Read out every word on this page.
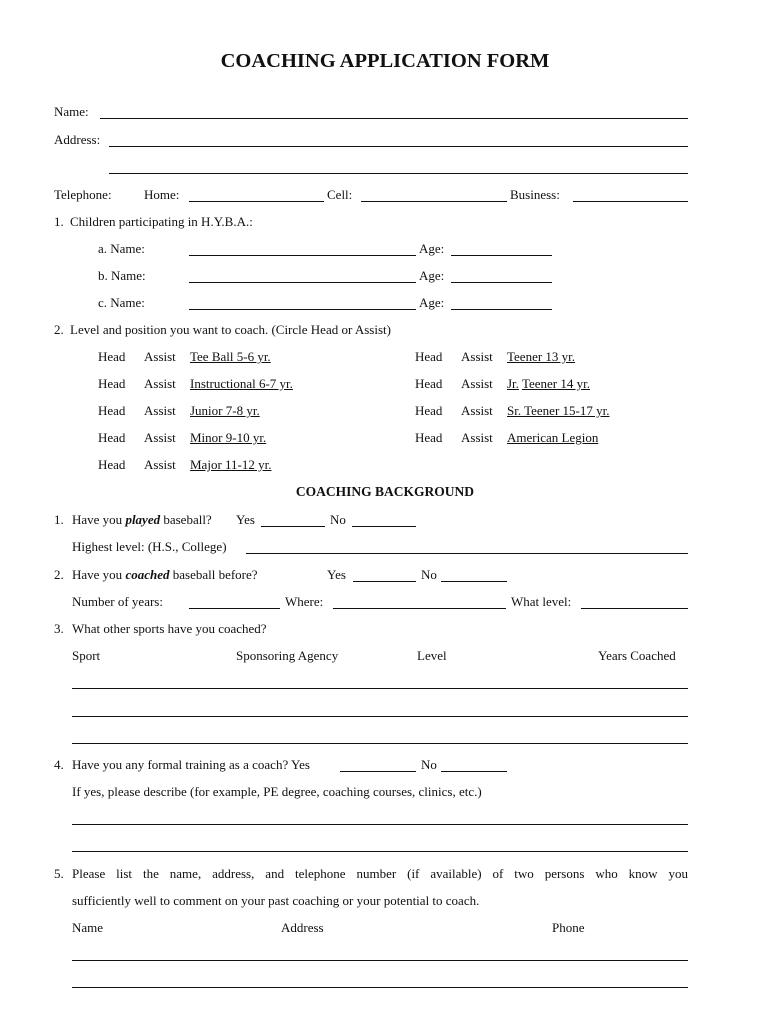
COACHING APPLICATION FORM
Name:
Address:
Telephone: Home:	Cell:	Business:
1. Children participating in H.Y.B.A.:
a. Name:	Age:
b. Name:	Age:
c. Name:	Age:
2. Level and position you want to coach. (Circle Head or Assist)
Head Assist Tee Ball 5-6 yr.
Head Assist Instructional 6-7 yr.
Head Assist Junior 7-8 yr.
Head Assist Minor 9-10 yr.
Head Assist Major 11-12 yr.
Head Assist Teener 13 yr.
Head Assist Jr. Teener 14 yr.
Head Assist Sr. Teener 15-17 yr.
Head Assist American Legion
COACHING BACKGROUND
1. Have you played baseball? Yes	No
Highest level: (H.S., College)
2. Have you coached baseball before?	Yes	No
Number of years:	Where:	What level:
3. What other sports have you coached?
Sport	Sponsoring Agency	Level	Years Coached
4. Have you any formal training as a coach? Yes	No
If yes, please describe (for example, PE degree, coaching courses, clinics, etc.)
5. Please list the name, address, and telephone number (if available) of two persons who know you
sufficiently well to comment on your past coaching or your potential to coach.
Name	Address	Phone
